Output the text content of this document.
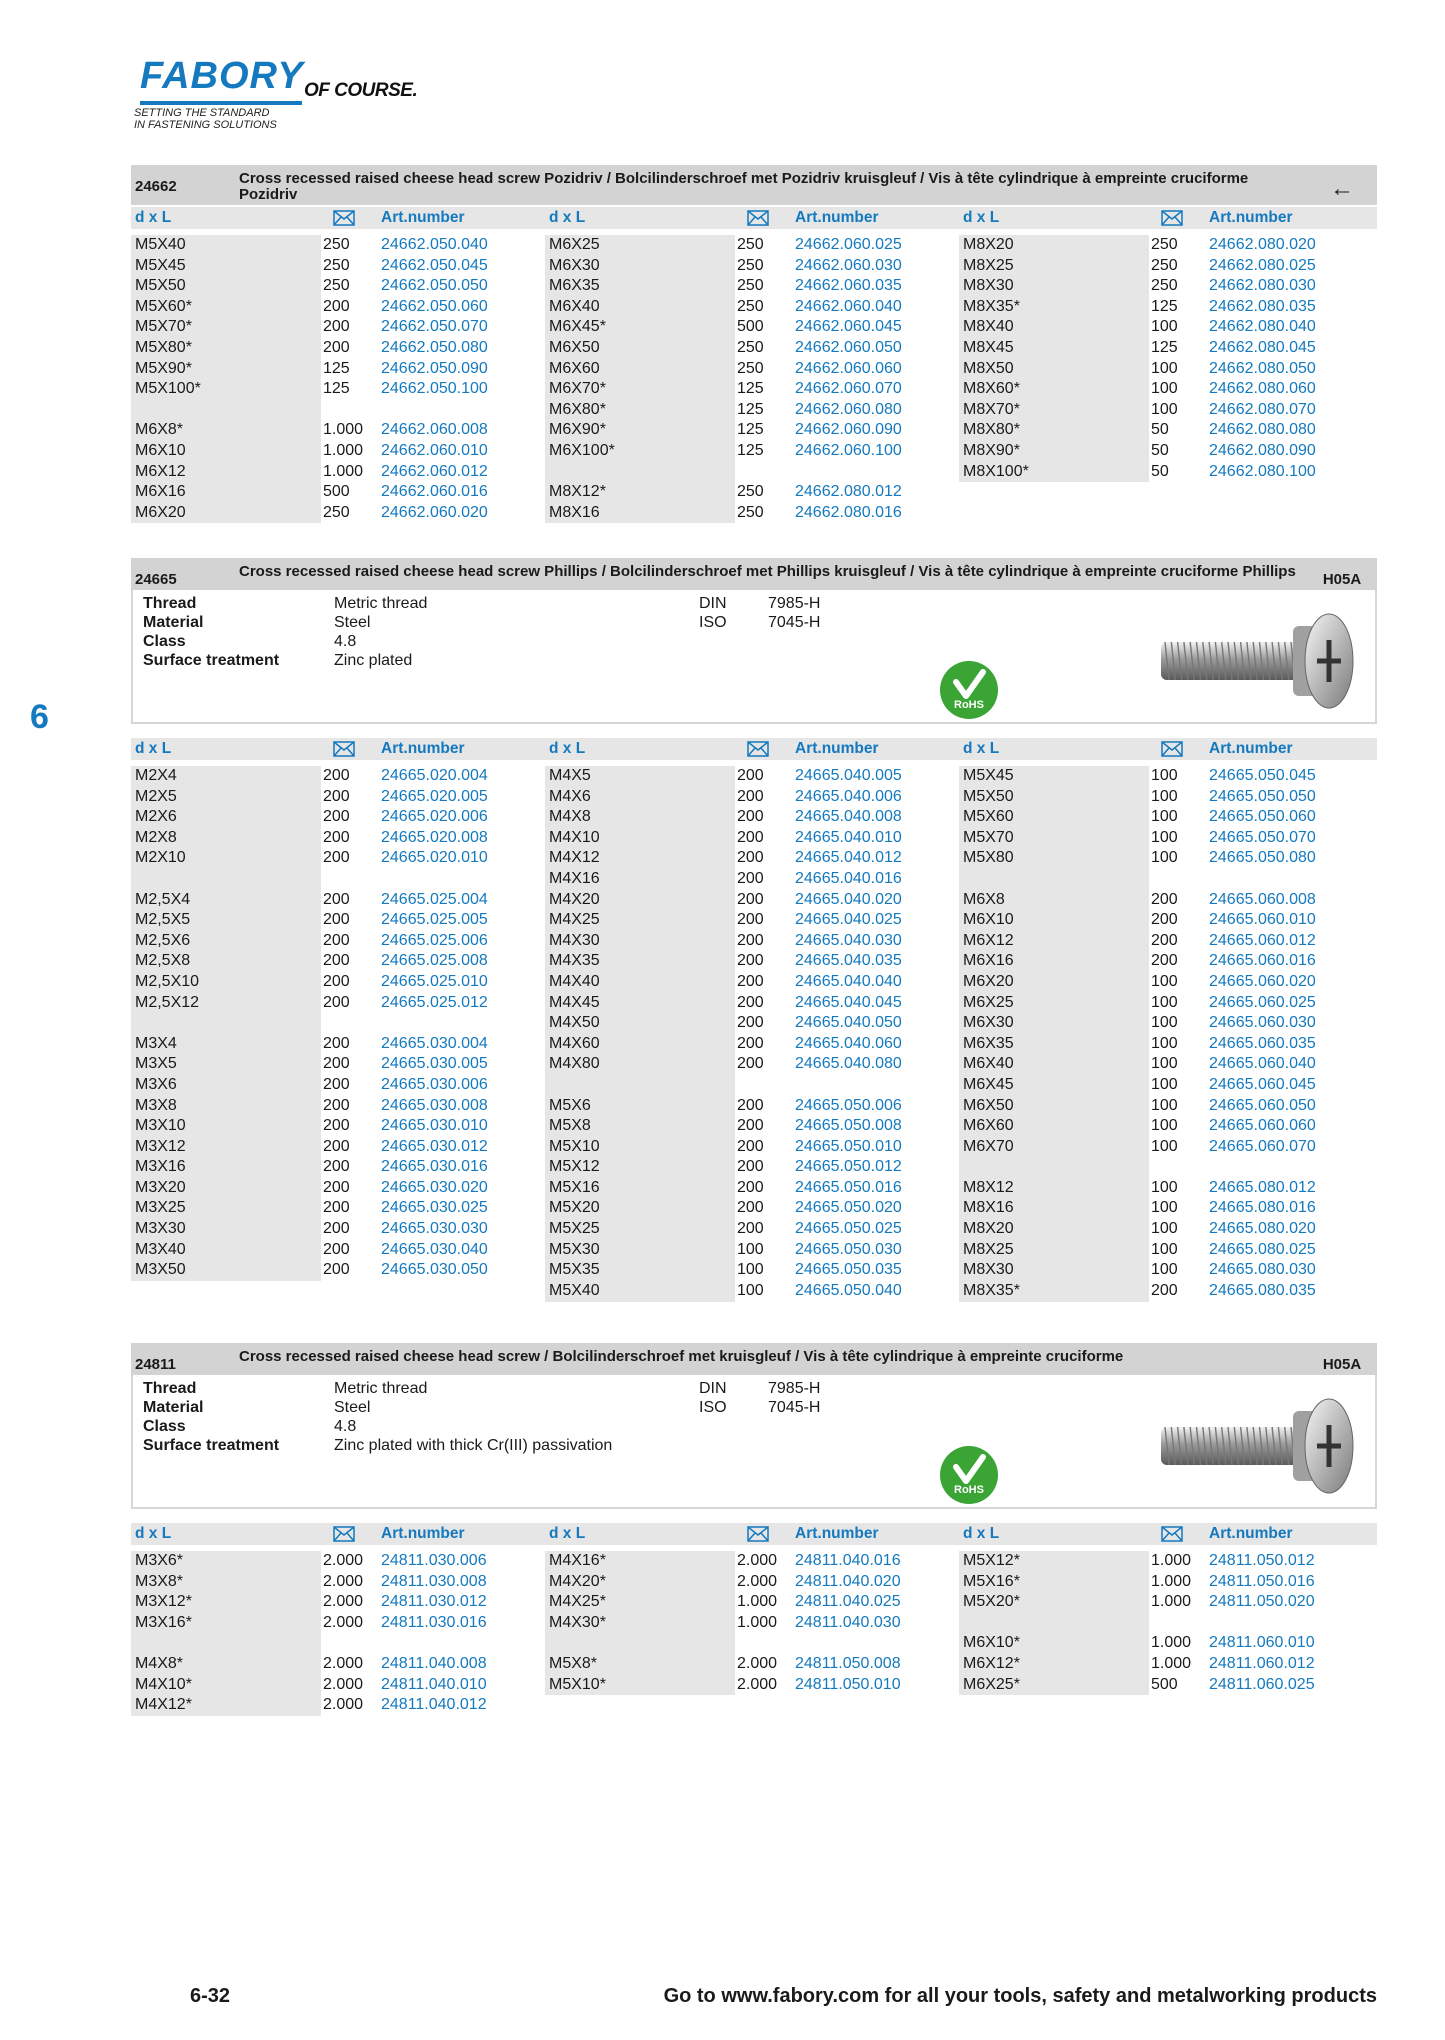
FABORY OF COURSE.
SETTING THE STANDARD
IN FASTENING SOLUTIONS
6
24662	Cross recessed raised cheese head screw Pozidriv / Bolcilinderschroef met Pozidriv kruisgleuf / Vis à tête cylindrique à empreinte cruciforme Pozidriv	←
d x L	Art.number	d x L	Art.number	d x L	Art.number
M5X40	250	24662.050.040
M5X45	250	24662.050.045
M5X50	250	24662.050.050
M5X60*	200	24662.050.060
M5X70*	200	24662.050.070
M5X80*	200	24662.050.080
M5X90*	125	24662.050.090
M5X100*	125	24662.050.100
M6X8*	1.000	24662.060.008
M6X10	1.000	24662.060.010
M6X12	1.000	24662.060.012
M6X16	500	24662.060.016
M6X20	250	24662.060.020
M6X25	250	24662.060.025
M6X30	250	24662.060.030
M6X35	250	24662.060.035
M6X40	250	24662.060.040
M6X45*	500	24662.060.045
M6X50	250	24662.060.050
M6X60	250	24662.060.060
M6X70*	125	24662.060.070
M6X80*	125	24662.060.080
M6X90*	125	24662.060.090
M6X100*	125	24662.060.100
M8X12*	250	24662.080.012
M8X16	250	24662.080.016
M8X20	250	24662.080.020
M8X25	250	24662.080.025
M8X30	250	24662.080.030
M8X35*	125	24662.080.035
M8X40	100	24662.080.040
M8X45	125	24662.080.045
M8X50	100	24662.080.050
M8X60*	100	24662.080.060
M8X70*	100	24662.080.070
M8X80*	50	24662.080.080
M8X90*	50	24662.080.090
M8X100*	50	24662.080.100
24665	Cross recessed raised cheese head screw Phillips / Bolcilinderschroef met Phillips kruisgleuf / Vis à tête cylindrique à empreinte cruciforme Phillips	H05A
Thread	Metric thread
Material	Steel
Class	4.8
Surface treatment	Zinc plated
DIN	7985-H
ISO	7045-H
RoHS
d x L	Art.number	d x L	Art.number	d x L	Art.number
M2X4	200	24665.020.004
M2X5	200	24665.020.005
M2X6	200	24665.020.006
M2X8	200	24665.020.008
M2X10	200	24665.020.010
M2,5X4	200	24665.025.004
M2,5X5	200	24665.025.005
M2,5X6	200	24665.025.006
M2,5X8	200	24665.025.008
M2,5X10	200	24665.025.010
M2,5X12	200	24665.025.012
M3X4	200	24665.030.004
M3X5	200	24665.030.005
M3X6	200	24665.030.006
M3X8	200	24665.030.008
M3X10	200	24665.030.010
M3X12	200	24665.030.012
M3X16	200	24665.030.016
M3X20	200	24665.030.020
M3X25	200	24665.030.025
M3X30	200	24665.030.030
M3X40	200	24665.030.040
M3X50	200	24665.030.050
M4X5	200	24665.040.005
M4X6	200	24665.040.006
M4X8	200	24665.040.008
M4X10	200	24665.040.010
M4X12	200	24665.040.012
M4X16	200	24665.040.016
M4X20	200	24665.040.020
M4X25	200	24665.040.025
M4X30	200	24665.040.030
M4X35	200	24665.040.035
M4X40	200	24665.040.040
M4X45	200	24665.040.045
M4X50	200	24665.040.050
M4X60	200	24665.040.060
M4X80	200	24665.040.080
M5X6	200	24665.050.006
M5X8	200	24665.050.008
M5X10	200	24665.050.010
M5X12	200	24665.050.012
M5X16	200	24665.050.016
M5X20	200	24665.050.020
M5X25	200	24665.050.025
M5X30	100	24665.050.030
M5X35	100	24665.050.035
M5X40	100	24665.050.040
M5X45	100	24665.050.045
M5X50	100	24665.050.050
M5X60	100	24665.050.060
M5X70	100	24665.050.070
M5X80	100	24665.050.080
M6X8	200	24665.060.008
M6X10	200	24665.060.010
M6X12	200	24665.060.012
M6X16	200	24665.060.016
M6X20	100	24665.060.020
M6X25	100	24665.060.025
M6X30	100	24665.060.030
M6X35	100	24665.060.035
M6X40	100	24665.060.040
M6X45	100	24665.060.045
M6X50	100	24665.060.050
M6X60	100	24665.060.060
M6X70	100	24665.060.070
M8X12	100	24665.080.012
M8X16	100	24665.080.016
M8X20	100	24665.080.020
M8X25	100	24665.080.025
M8X30	100	24665.080.030
M8X35*	200	24665.080.035
24811	Cross recessed raised cheese head screw / Bolcilinderschroef met kruisgleuf / Vis à tête cylindrique à empreinte cruciforme	H05A
Thread	Metric thread
Material	Steel
Class	4.8
Surface treatment	Zinc plated with thick Cr(III) passivation
DIN	7985-H
ISO	7045-H
RoHS
d x L	Art.number	d x L	Art.number	d x L	Art.number
M3X6*	2.000	24811.030.006
M3X8*	2.000	24811.030.008
M3X12*	2.000	24811.030.012
M3X16*	2.000	24811.030.016
M4X8*	2.000	24811.040.008
M4X10*	2.000	24811.040.010
M4X12*	2.000	24811.040.012
M4X16*	2.000	24811.040.016
M4X20*	2.000	24811.040.020
M4X25*	1.000	24811.040.025
M4X30*	1.000	24811.040.030
M5X8*	2.000	24811.050.008
M5X10*	2.000	24811.050.010
M5X12*	1.000	24811.050.012
M5X16*	1.000	24811.050.016
M5X20*	1.000	24811.050.020
M6X10*	1.000	24811.060.010
M6X12*	1.000	24811.060.012
M6X25*	500	24811.060.025
6-32	Go to www.fabory.com for all your tools, safety and metalworking products
